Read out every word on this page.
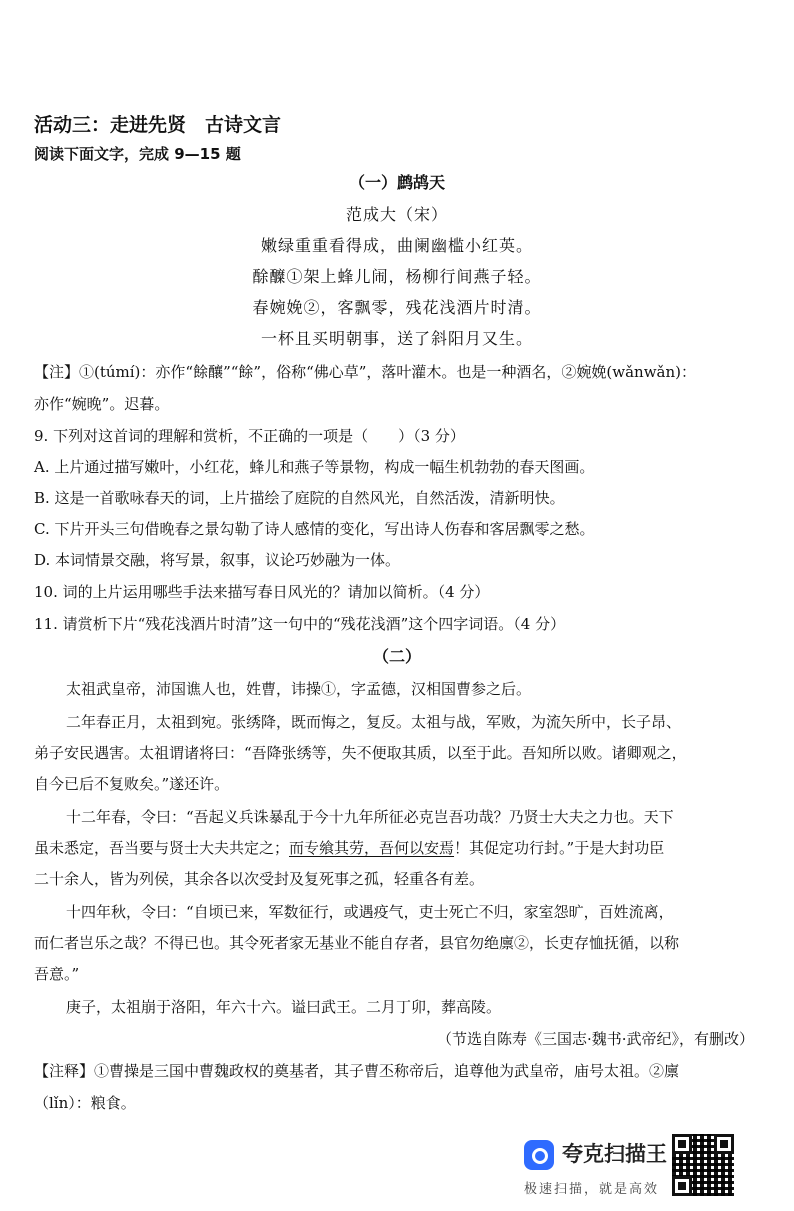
活动三：走进先贤　古诗文言
阅读下面文字，完成 9—15 题
（一）鹧鸪天
范成大（宋）
嫩绿重重看得成，曲阑幽槛小红英。
酴醾①架上蜂儿闹，杨柳行间燕子轻。
春婉娩②，客飘零，残花浅酒片时清。
一杯且买明朝事，送了斜阳月又生。
【注】①(túmí)：亦作“餘釀”“餘”，俗称“佛心草”，落叶灌木。也是一种酒名，②婉娩(wǎnwǎn)：
亦作“婉晚”。迟暮。
9. 下列对这首词的理解和赏析，不正确的一项是（　　）（3 分）
A. 上片通过描写嫩叶，小红花，蜂儿和燕子等景物，构成一幅生机勃勃的春天图画。
B. 这是一首歌咏春天的词，上片描绘了庭院的自然风光，自然活泼，清新明快。
C. 下片开头三句借晚春之景勾勒了诗人感情的变化，写出诗人伤春和客居飘零之愁。
D. 本词情景交融，将写景，叙事，议论巧妙融为一体。
10. 词的上片运用哪些手法来描写春日风光的？请加以简析。（4 分）
11. 请赏析下片“残花浅酒片时清”这一句中的“残花浅酒”这个四字词语。（4 分）
（二）
太祖武皇帝，沛国谯人也，姓曹，讳操①，字孟德，汉相国曹参之后。
二年春正月，太祖到宛。张绣降，既而悔之，复反。太祖与战，军败，为流矢所中，长子昂、
弟子安民遇害。太祖谓诸将曰：“吾降张绣等，失不便取其质，以至于此。吾知所以败。诸卿观之，
自今已后不复败矣。”遂还许。
十二年春，令曰：“吾起义兵诛暴乱于今十九年所征必克岂吾功哉？乃贤士大夫之力也。天下
虽未悉定，吾当要与贤士大夫共定之；而专飨其劳，吾何以安焉！其促定功行封。”于是大封功臣
二十余人，皆为列侯，其余各以次受封及复死事之孤，轻重各有差。
十四年秋，令曰：“自顷已来，军数征行，或遇疫气，吏士死亡不归，家室怨旷，百姓流离，
而仁者岂乐之哉？不得已也。其令死者家无基业不能自存者，县官勿绝廪②，长吏存恤抚循，以称
吾意。”
庚子，太祖崩于洛阳，年六十六。谥曰武王。二月丁卯，葬高陵。
（节选自陈寿《三国志·魏书·武帝纪》，有删改）
【注释】①曹操是三国中曹魏政权的奠基者，其子曹丕称帝后，追尊他为武皇帝，庙号太祖。②廪
（lǐn）：粮食。
夸克扫描王
极速扫描，就是高效
